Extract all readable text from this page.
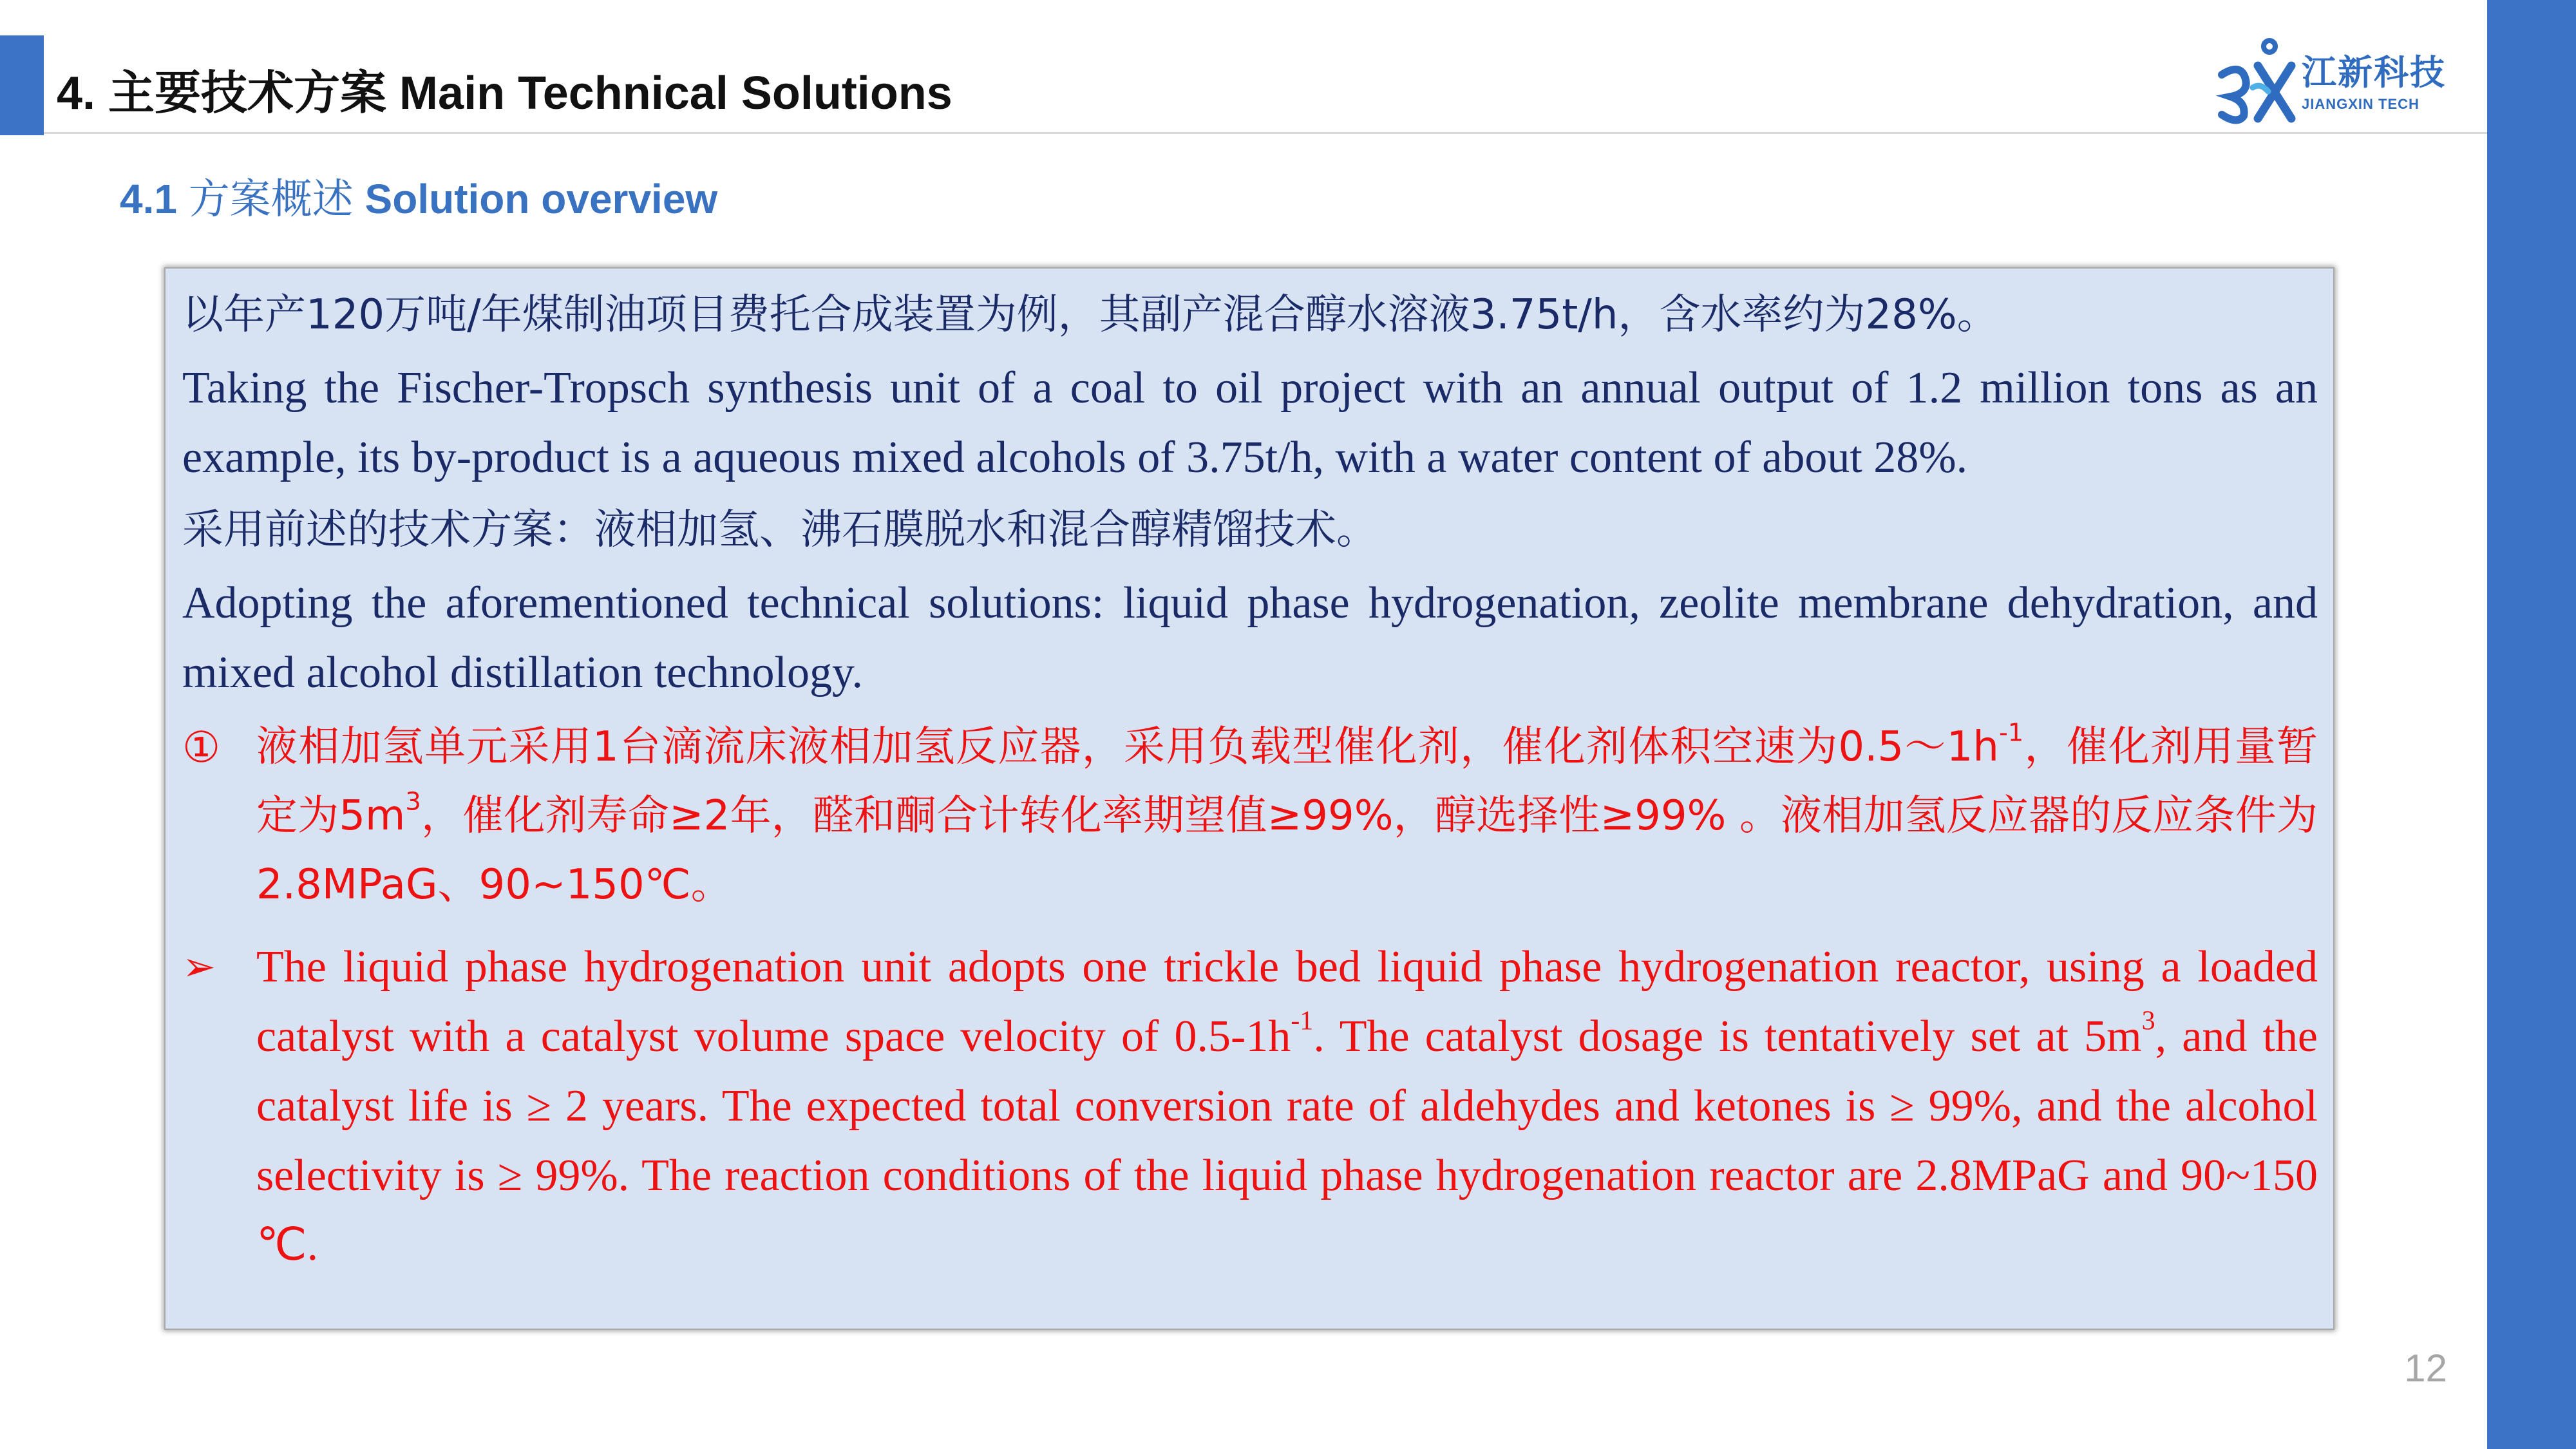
4. 主要技术方案 Main Technical Solutions	江新科技
JIANGXIN TECH
4.1 方案概述 Solution overview

以年产120万吨/年煤制油项目费托合成装置为例，其副产混合醇水溶液3.75t/h，含水率约为28%。

Taking the Fischer-Tropsch synthesis unit of a coal to oil project with an annual output of 1.2 million tons as an example, its by-product is a aqueous mixed alcohols of 3.75t/h, with a water content of about 28%.

采用前述的技术方案：液相加氢、沸石膜脱水和混合醇精馏技术。

Adopting the aforementioned technical solutions: liquid phase hydrogenation, zeolite membrane dehydration, and mixed alcohol distillation technology.

① 液相加氢单元采用1台滴流床液相加氢反应器，采用负载型催化剂，催化剂体积空速为$0.5\sim 1h^{-1}$，催化剂用量暂定为$5m^3$，催化剂寿命≥2年，醛和酮合计转化率期望值≥99%，醇选择性≥99% 。液相加氢反应器的反应条件为2.8MPaG、90~150℃。
➢ The liquid phase hydrogenation unit adopts one trickle bed liquid phase hydrogenation reactor, using a loaded catalyst with a catalyst volume space velocity of $0.5-1h^{-1}$. The catalyst dosage is tentatively set at $5m^3$, and the catalyst life is ≥ 2 years. The expected total conversion rate of aldehydes and ketones is ≥ 99%, and the alcohol selectivity is ≥ 99%. The reaction conditions of the liquid phase hydrogenation reactor are 2.8MPaG and 90~150 ℃.
12
